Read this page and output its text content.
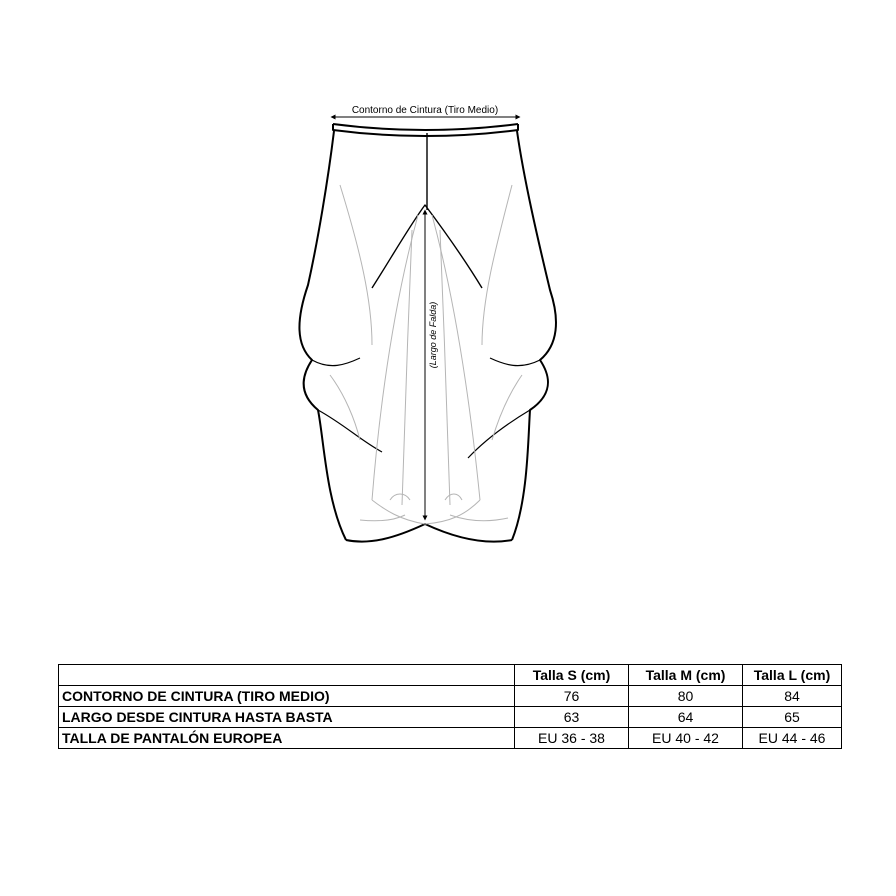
Contorno de Cintura (Tiro Medio)
(Largo de Falda)
	Talla S (cm)	Talla M (cm)	Talla L (cm)
CONTORNO DE CINTURA (TIRO MEDIO)	76	80	84
LARGO DESDE CINTURA HASTA BASTA	63	64	65
TALLA DE PANTALÓN EUROPEA	EU 36 - 38	EU 40 - 42	EU 44 - 46
